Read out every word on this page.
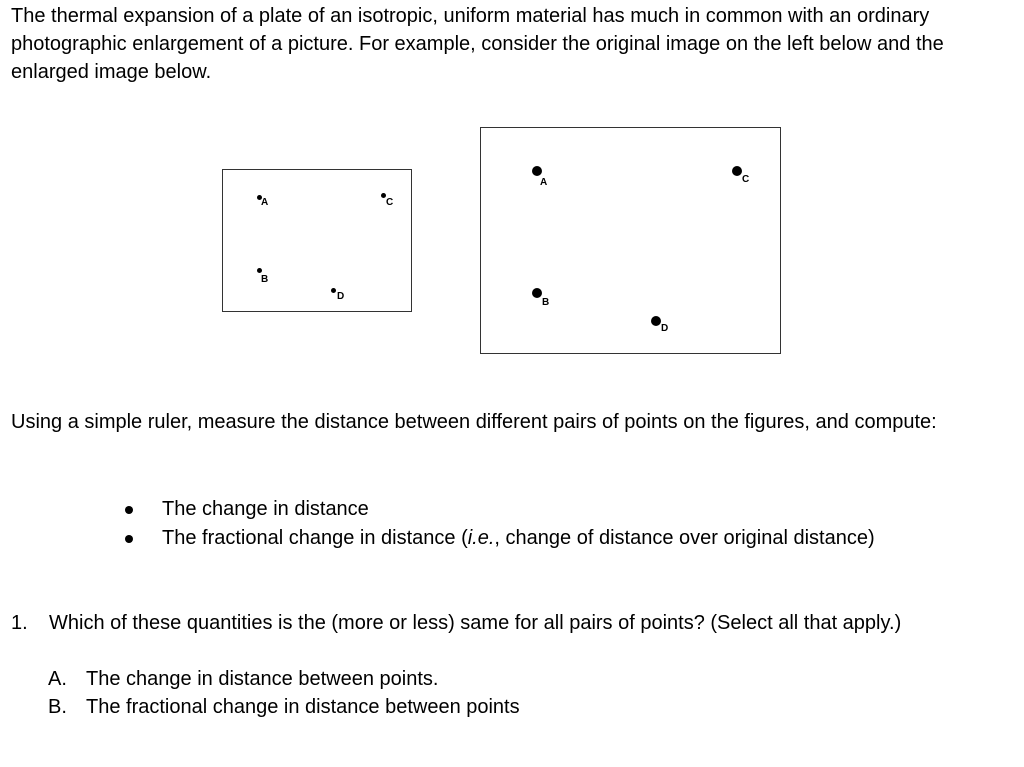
The thermal expansion of a plate of an isotropic, uniform material has much in common with an ordinary photographic enlargement of a picture. For example, consider the original image on the left below and the enlarged image below.

A	C
B
D
A	C
B
D

Using a simple ruler, measure the distance between different pairs of points on the figures, and compute:

The change in distance
The fractional change in distance (i.e., change of distance over original distance)
1. Which of these quantities is the (more or less) same for all pairs of points? (Select all that apply.)
A. The change in distance between points.
B. The fractional change in distance between points
